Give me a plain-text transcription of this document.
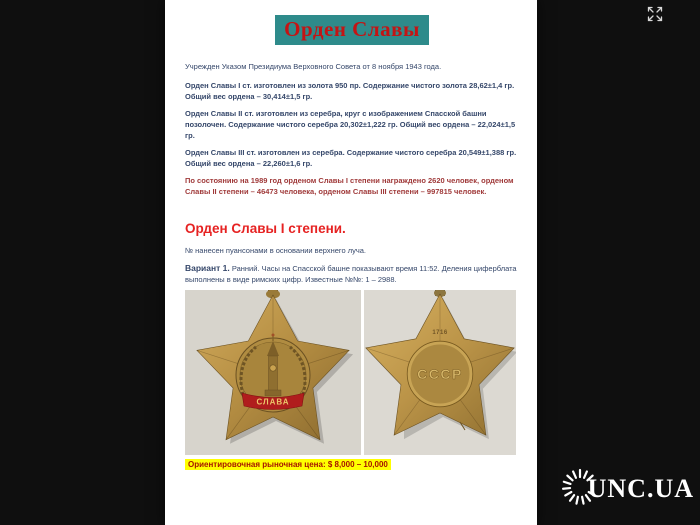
Орден Славы

Учрежден Указом Президиума Верховного Совета от 8 ноября 1943 года.

Орден Славы I ст. изготовлен из золота 950 пр. Содержание чистого золота 28,62±1,4 гр. Общий вес ордена – 30,414±1,5 гр.

Орден Славы II ст. изготовлен из серебра, круг с изображением Спасской башни позолочен. Содержание чистого серебра 20,302±1,222 гр. Общий вес ордена – 22,024±1,5 гр.

Орден Славы III ст. изготовлен из серебра. Содержание чистого серебра 20,549±1,388 гр. Общий вес ордена – 22,260±1,6 гр.

По состоянию на 1989 год орденом Славы I степени награждено 2620 человек, орденом Славы II степени – 46473 человека, орденом Славы III степени – 997815 человек.

Орден Славы I степени.

№ нанесен пуансонами в основании верхнего луча.

Вариант 1. Ранний. Часы на Спасской башне показывают время 11:52. Деления циферблата выполнены в виде римских цифр. Известные №№: 1 – 2988.

СЛАВА
1716
СССР

Ориентировочная рыночная цена: $ 8,000 – 10,000

UNC.UA
